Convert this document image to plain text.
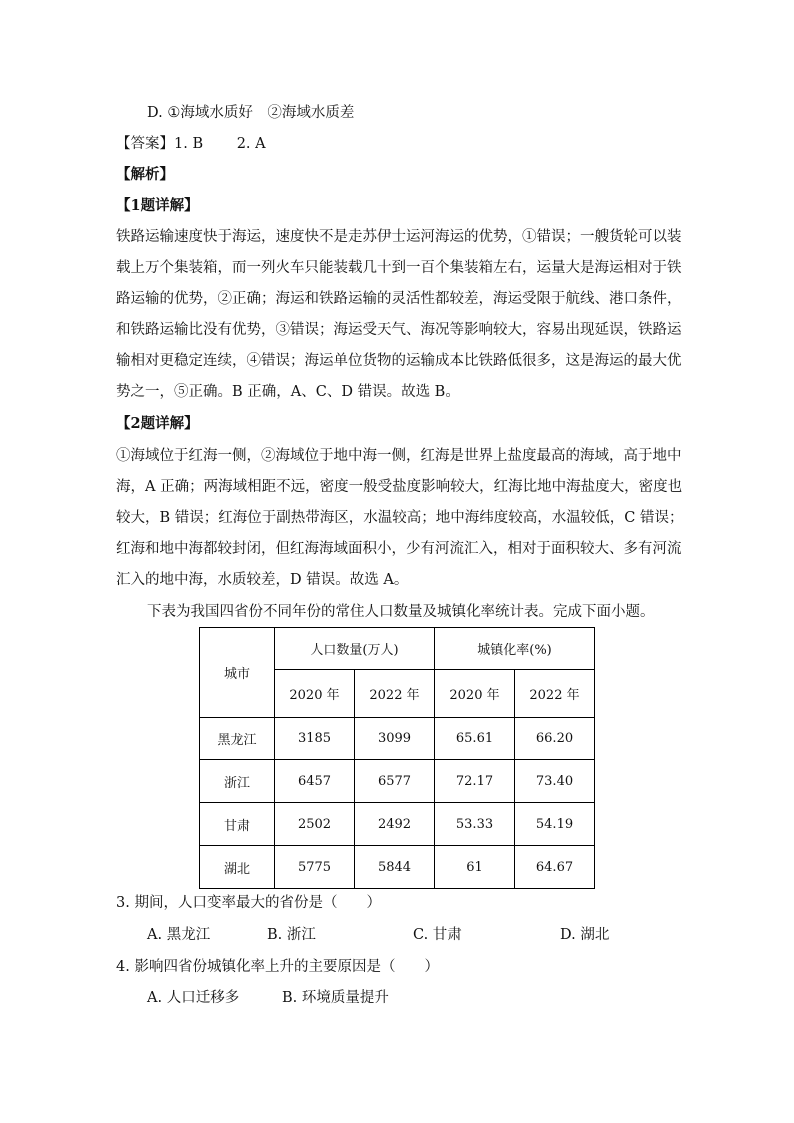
D. ①海域水质好　②海域水质差
【答案】1. B　　 2. A
【解析】
【1题详解】
铁路运输速度快于海运，速度快不是走苏伊士运河海运的优势，①错误；一艘货轮可以装
载上万个集装箱，而一列火车只能装载几十到一百个集装箱左右，运量大是海运相对于铁
路运输的优势，②正确；海运和铁路运输的灵活性都较差，海运受限于航线、港口条件，
和铁路运输比没有优势，③错误；海运受天气、海况等影响较大，容易出现延误，铁路运
输相对更稳定连续，④错误；海运单位货物的运输成本比铁路低很多，这是海运的最大优
势之一，⑤正确。B 正确，A、C、D 错误。故选 B。
【2题详解】
①海域位于红海一侧，②海域位于地中海一侧，红海是世界上盐度最高的海域，高于地中
海，A 正确；两海域相距不远，密度一般受盐度影响较大，红海比地中海盐度大，密度也
较大，B 错误；红海位于副热带海区，水温较高；地中海纬度较高，水温较低，C 错误；
红海和地中海都较封闭，但红海海域面积小，少有河流汇入，相对于面积较大、多有河流
汇入的地中海，水质较差，D 错误。故选 A。
下表为我国四省份不同年份的常住人口数量及城镇化率统计表。完成下面小题。
城市	人口数量(万人)		城镇化率(%)	
	2020 年	2022 年	2020 年	2022 年
黑龙江	3185	3099	65.61	66.20
浙江	6457	6577	72.17	73.40
甘肃	2502	2492	53.33	54.19
湖北	5775	5844	61	64.67
3. 期间，人口变率最大的省份是（　　）
A. 黑龙江	B. 浙江	C. 甘肃	D. 湖北
4. 影响四省份城镇化率上升的主要原因是（　　）
A. 人口迁移多	B. 环境质量提升
